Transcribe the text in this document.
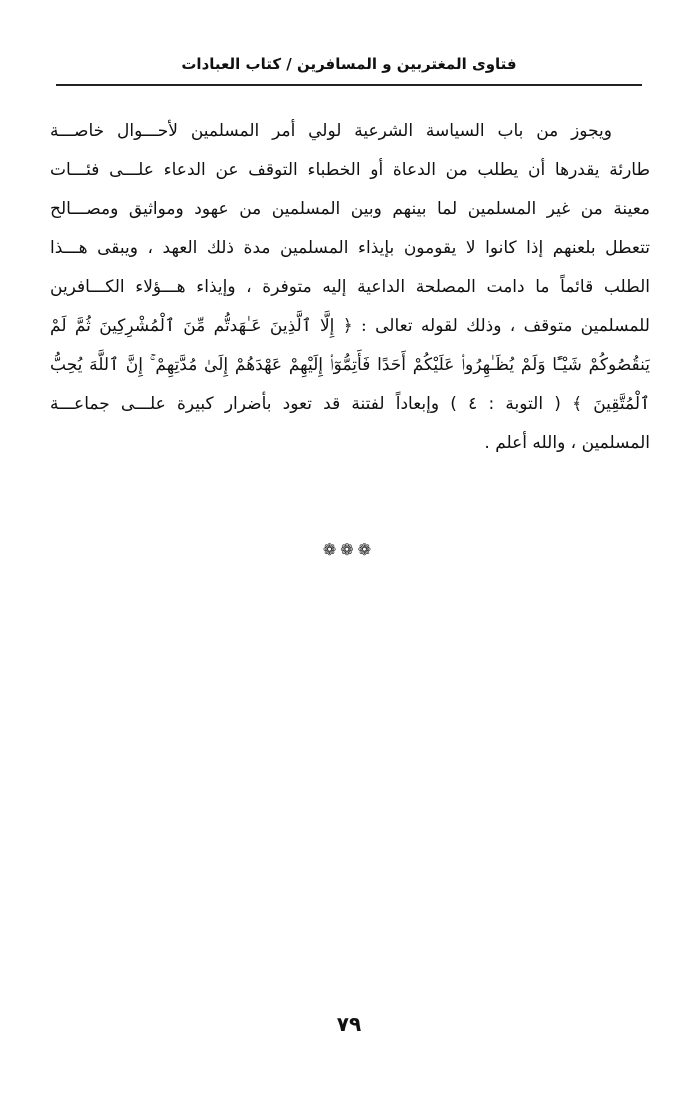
فتاوى المغتربين و المسافرين / كتاب العبادات
ويجوز من باب السياسة الشرعية لولي أمر المسلمين لأحـــوال خاصـــة
طارئة يقدرها أن يطلب من الدعاة أو الخطباء التوقف عن الدعاء علـــى فئـــات
معينة من غير المسلمين لما بينهم وبين المسلمين من عهود ومواثيق ومصـــالح
تتعطل بلعنهم إذا كانوا لا يقومون بإيذاء المسلمين مدة ذلك العهد ، ويبقى هـــذا
الطلب قائماً ما دامت المصلحة الداعية إليه متوفرة ، وإيذاء هـــؤلاء الكـــافرين
للمسلمين متوقف ، وذلك لقوله تعالى : ﴿ إِلَّا ٱلَّذِينَ عَـٰهَدتُّم مِّنَ ٱلْمُشْرِكِينَ ثُمَّ لَمْ
يَنقُصُوكُمْ شَيْـًٔا وَلَمْ يُظَـٰهِرُوا۟ عَلَيْكُمْ أَحَدًا فَأَتِمُّوٓا۟ إِلَيْهِمْ عَهْدَهُمْ إِلَىٰ مُدَّتِهِمْ ۚ إِنَّ ٱللَّهَ يُحِبُّ
ٱلْمُتَّقِينَ ﴾ ( التوبة : ٤ ) وإبعاداً لفتنة قد تعود بأضرار كبيرة علـــى جماعـــة
المسلمين ، والله أعلم .
❁❁❁
٧٩
